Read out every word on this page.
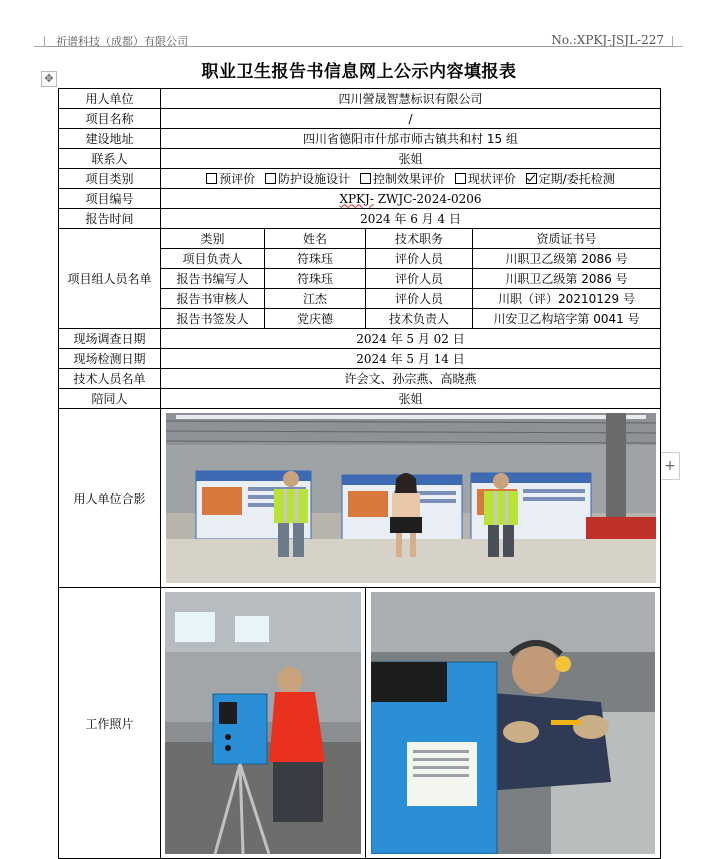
祈谱科技（成都）有限公司	No.:XPKJ-JSJL-227
✥
+
职业卫生报告书信息网上公示内容填报表
用人单位	四川謍晟智慧标识有限公司			
项目名称	/			
建设地址	四川省德阳市什邡市师古镇共和村 15 组			
联系人	张姐			
项目类别	预评价 防护设施设计 控制效果评价 现状评价 定期/委托检测			
项目编号	XPKJ- ZWJC-2024-0206			
报告时间	2024 年 6 月 4 日			
项目组人员名单	类别	姓名	技术职务	资质证书号
	项目负责人	符珠珏	评价人员	川职卫乙级第 2086 号
	报告书编写人	符珠珏	评价人员	川职卫乙级第 2086 号
	报告书审核人	江杰	评价人员	川职（评）20210129 号
	报告书签发人	党庆德	技术负责人	川安卫乙构培字第 0041 号
现场调查日期	2024 年 5 月 02 日			
现场检测日期	2024 年 5 月 14 日			
技术人员名单	许会文、孙宗燕、高晓燕			
陪同人	张姐			
用人单位合影	

工作照片	
